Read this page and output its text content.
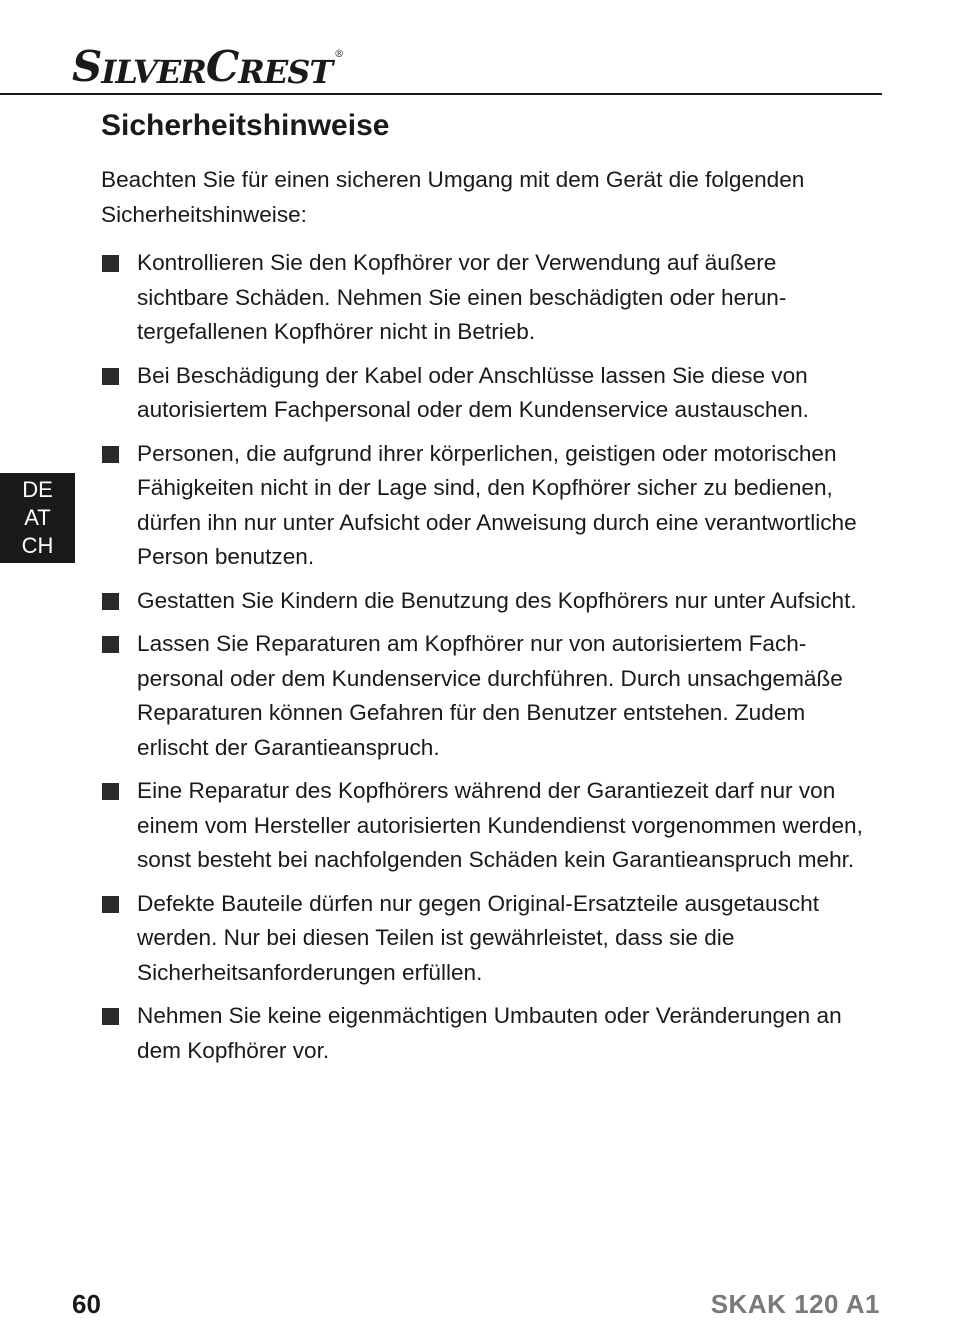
S ILVER C REST ®
Sicherheitshinweise

Beachten Sie für einen sicheren Umgang mit dem Gerät die folgenden Sicherheitshinweise:

Kontrollieren Sie den Kopfhörer vor der Verwendung auf äußere sichtbare Schäden. Nehmen Sie einen beschädigten oder heruntergefallenen Kopfhörer nicht in Betrieb.
Bei Beschädigung der Kabel oder Anschlüsse lassen Sie diese von autorisiertem Fachpersonal oder dem Kundenservice austauschen.
Personen, die aufgrund ihrer körperlichen, geistigen oder motorischen Fähigkeiten nicht in der Lage sind, den Kopfhörer sicher zu bedienen, dürfen ihn nur unter Aufsicht oder Anweisung durch eine verantwortliche Person benutzen.
Gestatten Sie Kindern die Benutzung des Kopfhörers nur unter Aufsicht.
Lassen Sie Reparaturen am Kopfhörer nur von autorisiertem Fachpersonal oder dem Kundenservice durchführen. Durch unsachgemäße Reparaturen können Gefahren für den Benutzer entstehen. Zudem erlischt der Garantieanspruch.
Eine Reparatur des Kopfhörers während der Garantiezeit darf nur von einem vom Hersteller autorisierten Kundendienst vorgenommen werden, sonst besteht bei nachfolgenden Schäden kein Garantieanspruch mehr.
Defekte Bauteile dürfen nur gegen Original-Ersatzteile ausgetauscht werden. Nur bei diesen Teilen ist gewährleistet, dass sie die Sicherheitsanforderungen erfüllen.
Nehmen Sie keine eigenmächtigen Umbauten oder Veränderungen an dem Kopfhörer vor.
DE
AT
CH
60	SKAK 120 A1
